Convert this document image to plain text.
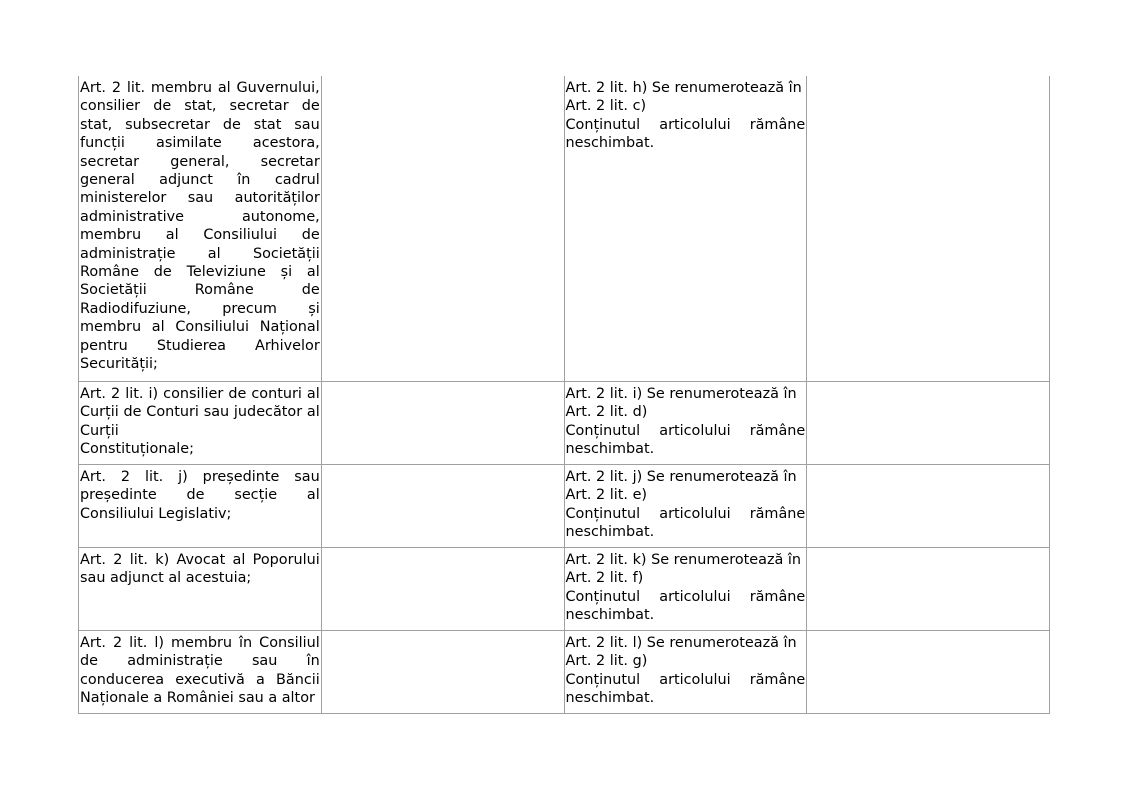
Art. 2 lit. membru al Guvernului, consilier de stat, secretar de stat, subsecretar de stat sau funcții asimilate acestora, secretar general, secretar general adjunct în cadrul ministerelor sau autorităților administrative autonome, membru al Consiliului de administrație al Societății Române de Televiziune și al Societății Române de Radiodifuziune, precum și membru al Consiliului Național pentru Studierea Arhivelor Securității;		Art. 2 lit. h) Se renumerotează în Art. 2 lit. c)
Conținutul articolului rămâne neschimbat.	

Art. 2 lit. i) consilier de conturi al Curții de Conturi sau judecător al Curții
Constituționale;		Art. 2 lit. i) Se renumerotează în Art. 2 lit. d)
Conținutul articolului rămâne neschimbat.	

Art. 2 lit. j) președinte sau președinte de secție al Consiliului Legislativ;		Art. 2 lit. j) Se renumerotează în Art. 2 lit. e)
Conținutul articolului rămâne neschimbat.	

Art. 2 lit. k) Avocat al Poporului sau adjunct al acestuia;		Art. 2 lit. k) Se renumerotează în Art. 2 lit. f)
Conținutul articolului rămâne neschimbat.	

Art. 2 lit. l) membru în Consiliul de administrație sau în conducerea executivă a Băncii Naționale a României sau a altor		Art. 2 lit. l) Se renumerotează în Art. 2 lit. g)
Conținutul articolului rămâne neschimbat.	
